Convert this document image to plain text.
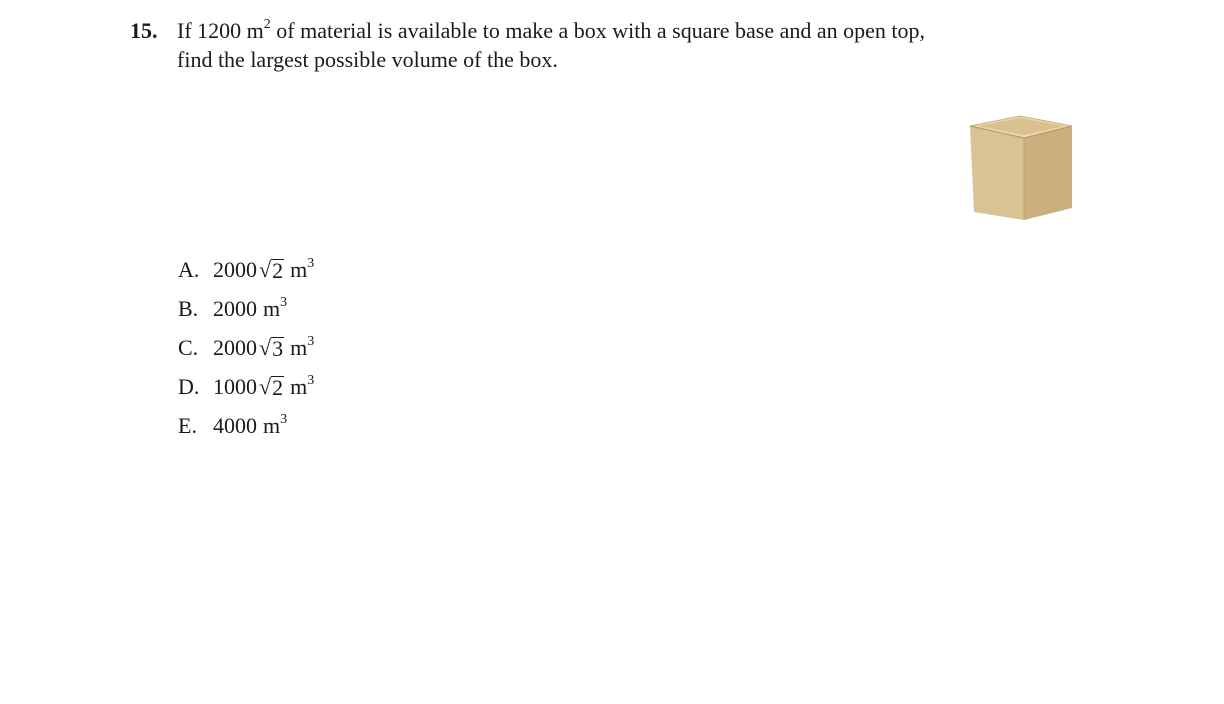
15. If 1200 $m^2$ of material is available to make a box with a square base and an open top,
find the largest possible volume of the box.
A. 2000√2 $m^3$
B. 2000 $m^3$
C. 2000√3 $m^3$
D. 1000√2 $m^3$
E. 4000 $m^3$
